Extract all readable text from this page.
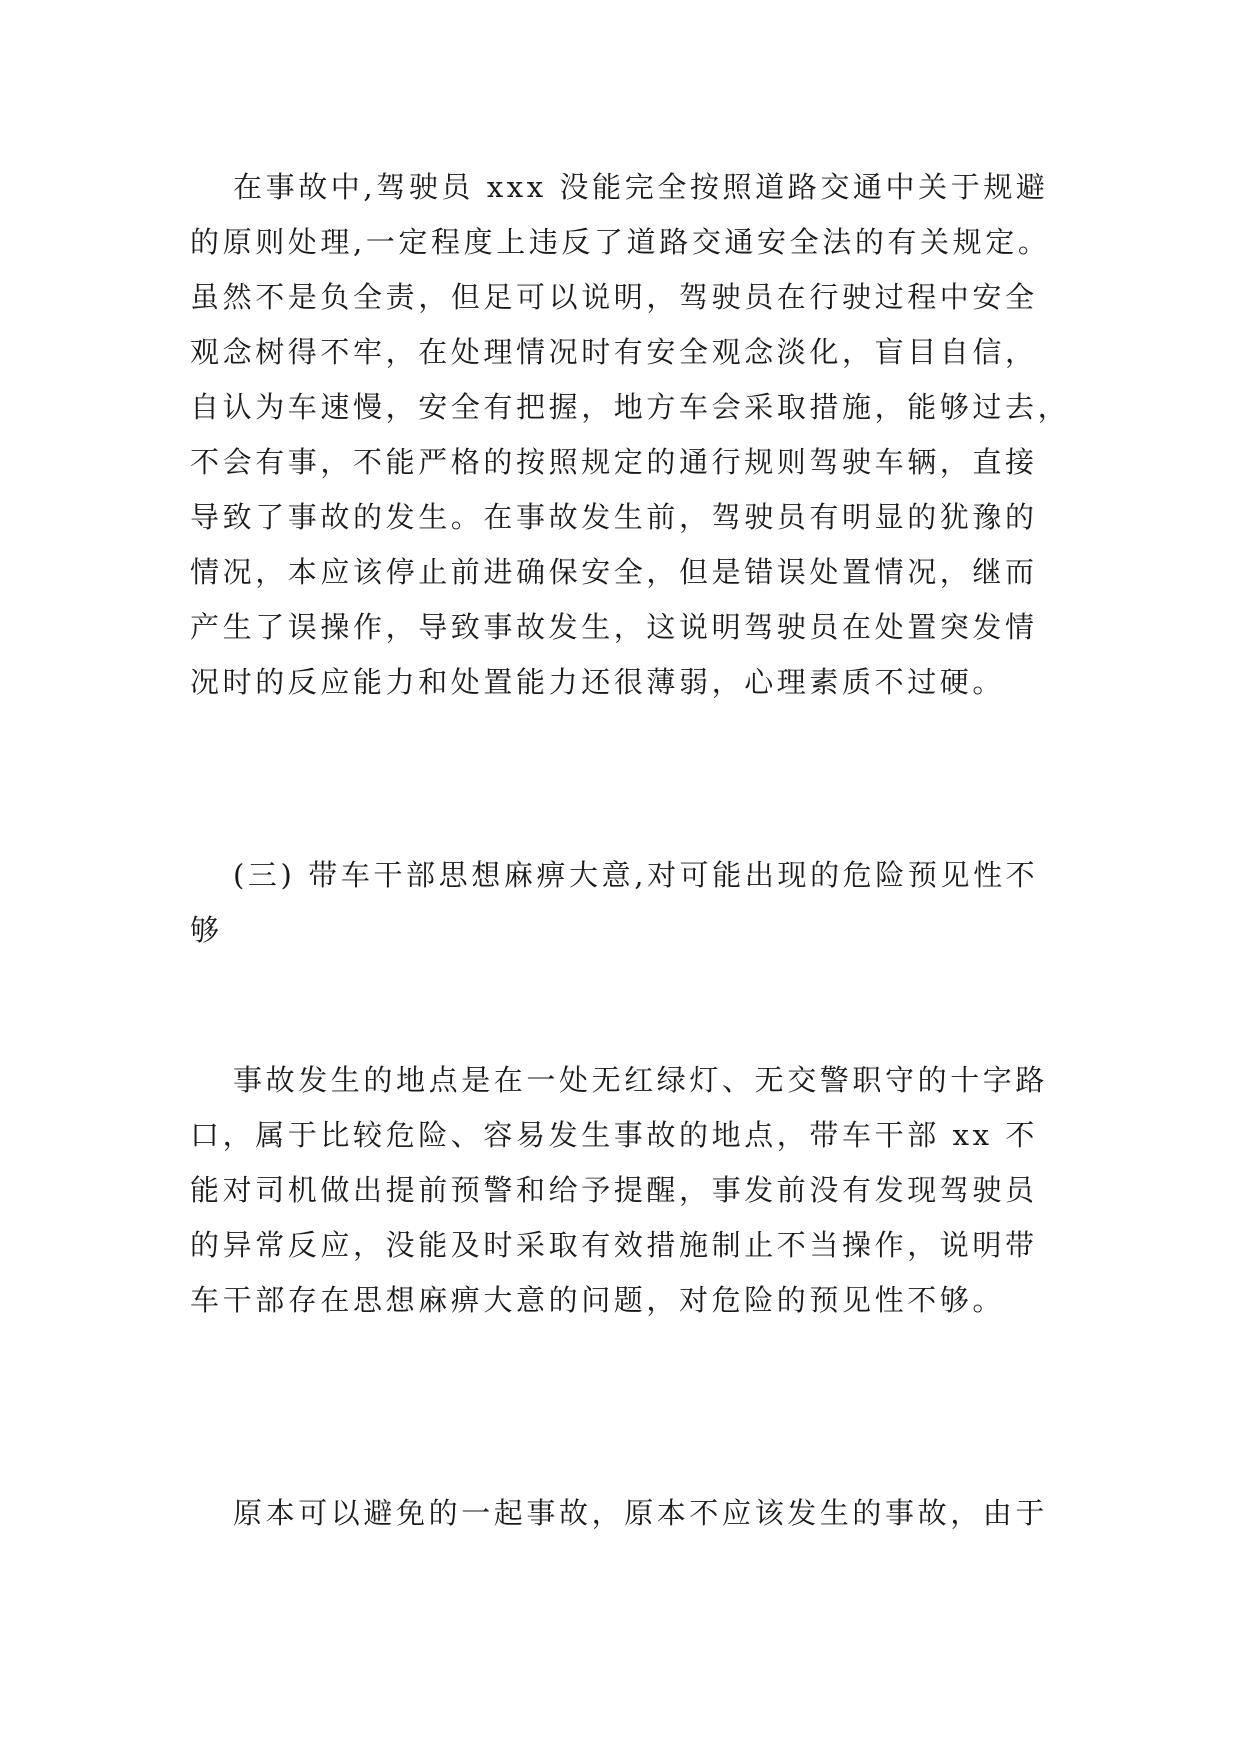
在事故中,驾驶员 xxx 没能完全按照道路交通中关于规避
的原则处理,一定程度上违反了道路交通安全法的有关规定。
虽然不是负全责，但足可以说明，驾驶员在行驶过程中安全
观念树得不牢，在处理情况时有安全观念淡化，盲目自信，
自认为车速慢，安全有把握，地方车会采取措施，能够过去，
不会有事，不能严格的按照规定的通行规则驾驶车辆，直接
导致了事故的发生。在事故发生前，驾驶员有明显的犹豫的
情况，本应该停止前进确保安全，但是错误处置情况，继而
产生了误操作，导致事故发生，这说明驾驶员在处置突发情
况时的反应能力和处置能力还很薄弱，心理素质不过硬。
(三) 带车干部思想麻痹大意,对可能出现的危险预见性不
够
事故发生的地点是在一处无红绿灯、无交警职守的十字路
口，属于比较危险、容易发生事故的地点，带车干部 xx 不
能对司机做出提前预警和给予提醒，事发前没有发现驾驶员
的异常反应，没能及时采取有效措施制止不当操作，说明带
车干部存在思想麻痹大意的问题，对危险的预见性不够。
原本可以避免的一起事故，原本不应该发生的事故，由于
